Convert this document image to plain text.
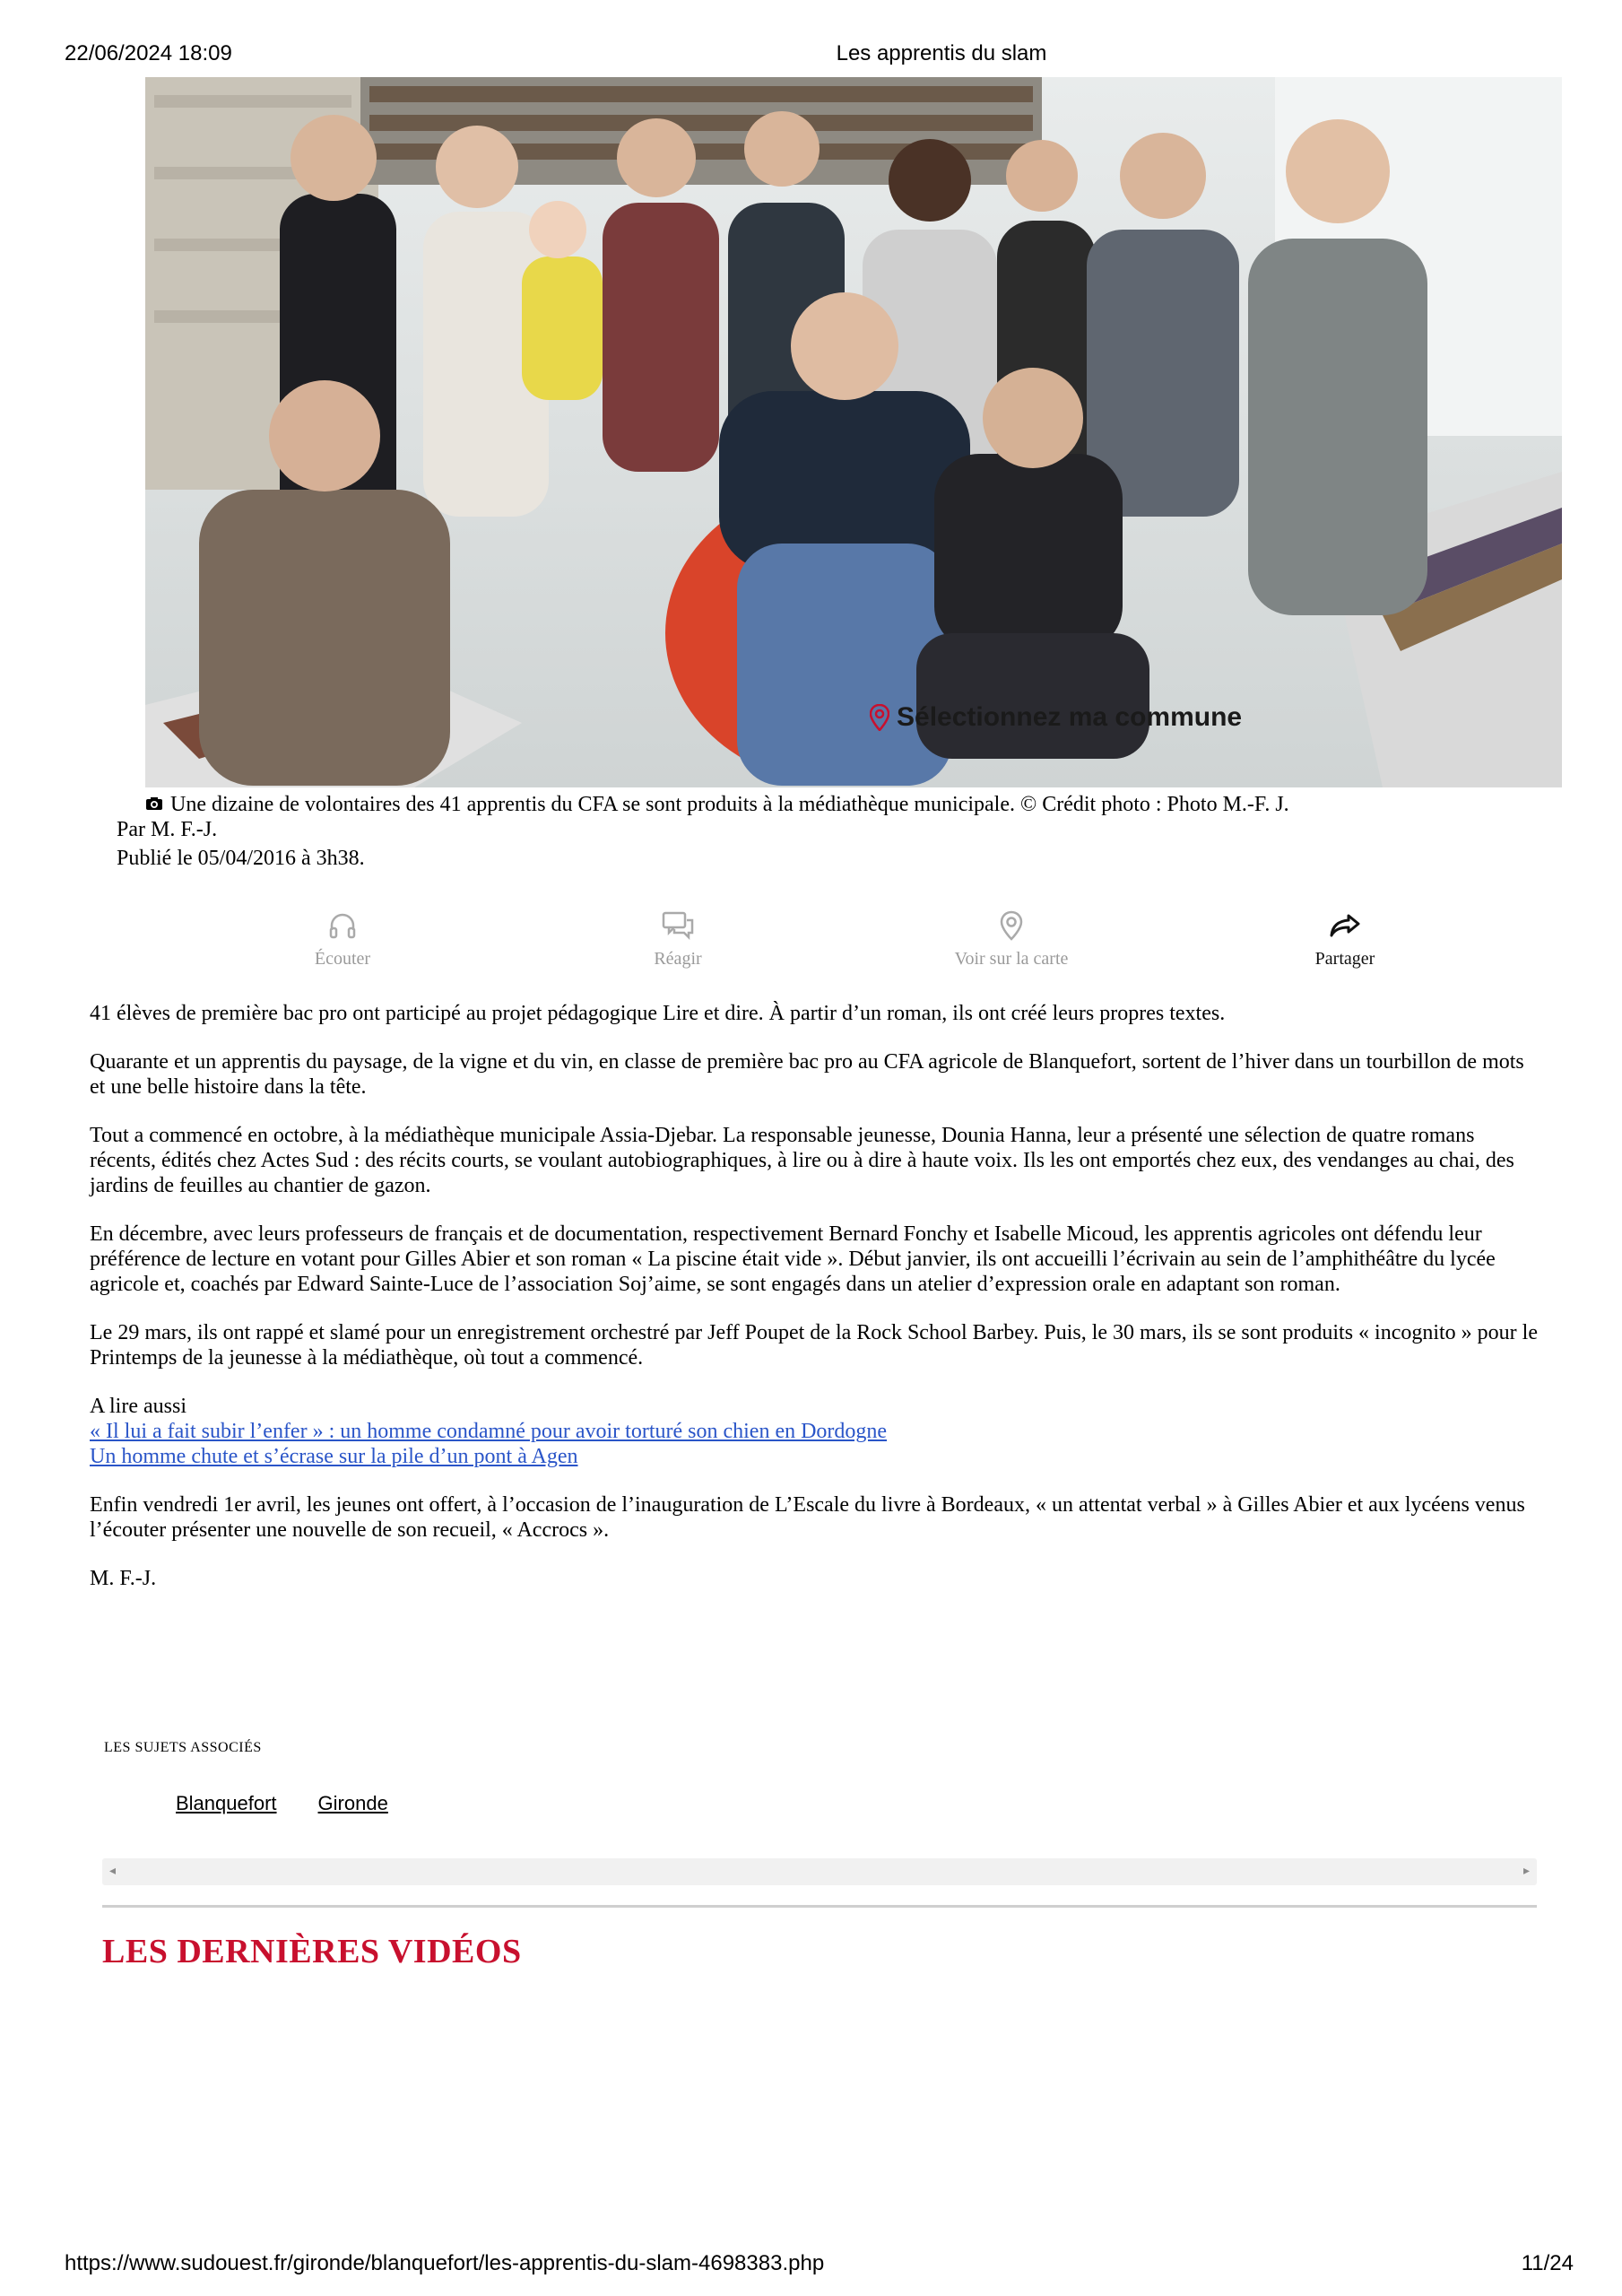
22/06/2024 18:09	Les apprentis du slam
Sélectionnez ma commune
Une dizaine de volontaires des 41 apprentis du CFA se sont produits à la médiathèque municipale. © Crédit photo : Photo M.-F. J.
Par M. F.-J.
Publié le 05/04/2016 à 3h38.
Écouter	Réagir	Voir sur la carte	Partager

41 élèves de première bac pro ont participé au projet pédagogique Lire et dire. À partir d’un roman, ils ont créé leurs propres textes.

Quarante et un apprentis du paysage, de la vigne et du vin, en classe de première bac pro au CFA agricole de Blanquefort, sortent de l’hiver dans un tourbillon de mots et une belle histoire dans la tête.

Tout a commencé en octobre, à la médiathèque municipale Assia-Djebar. La responsable jeunesse, Dounia Hanna, leur a présenté une sélection de quatre romans récents, édités chez Actes Sud : des récits courts, se voulant autobiographiques, à lire ou à dire à haute voix. Ils les ont emportés chez eux, des vendanges au chai, des jardins de feuilles au chantier de gazon.

En décembre, avec leurs professeurs de français et de documentation, respectivement Bernard Fonchy et Isabelle Micoud, les apprentis agricoles ont défendu leur préférence de lecture en votant pour Gilles Abier et son roman « La piscine était vide ». Début janvier, ils ont accueilli l’écrivain au sein de l’amphithéâtre du lycée agricole et, coachés par Edward Sainte-Luce de l’association Soj’aime, se sont engagés dans un atelier d’expression orale en adaptant son roman.

Le 29 mars, ils ont rappé et slamé pour un enregistrement orchestré par Jeff Poupet de la Rock School Barbey. Puis, le 30 mars, ils se sont produits « incognito » pour le Printemps de la jeunesse à la médiathèque, où tout a commencé.

A lire aussi
« Il lui a fait subir l’enfer » : un homme condamné pour avoir torturé son chien en Dordogne
Un homme chute et s’écrase sur la pile d’un pont à Agen

Enfin vendredi 1er avril, les jeunes ont offert, à l’occasion de l’inauguration de L’Escale du livre à Bordeaux, « un attentat verbal » à Gilles Abier et aux lycéens venus l’écouter présenter une nouvelle de son recueil, « Accrocs ».

M. F.-J.

LES SUJETS ASSOCIÉS
Blanquefort Gironde
◂	▸
LES DERNIÈRES VIDÉOS
https://www.sudouest.fr/gironde/blanquefort/les-apprentis-du-slam-4698383.php	11/24
